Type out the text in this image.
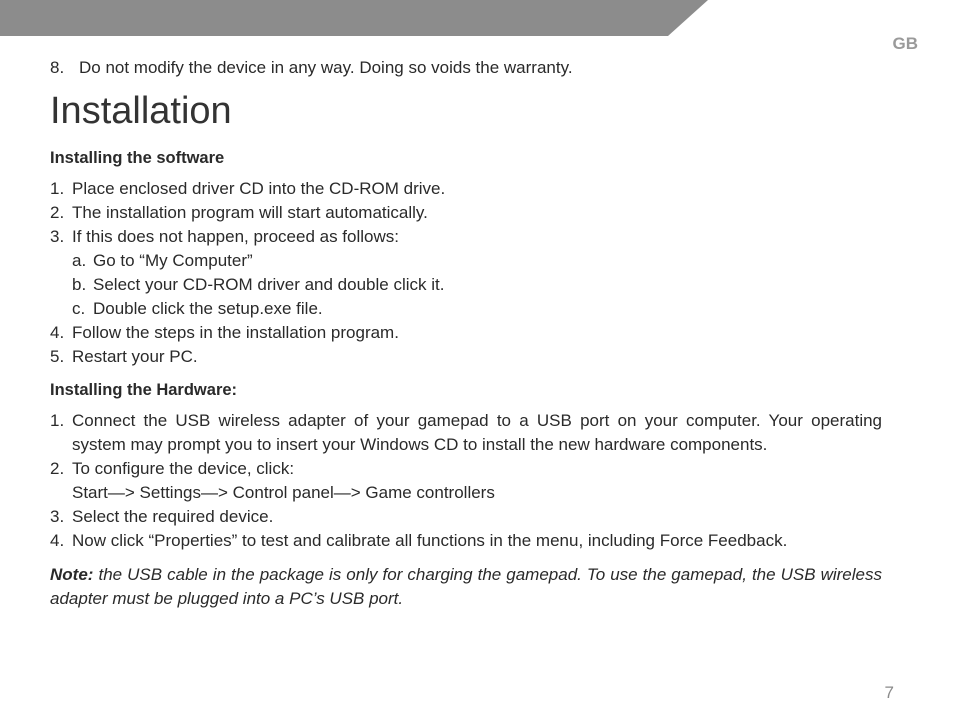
GB
8. Do not modify the device in any way. Doing so voids the warranty.
Installation
Installing the software
1. Place enclosed driver CD into the CD-ROM drive.
2. The installation program will start automatically.
3. If this does not happen, proceed as follows:
a. Go to “My Computer”
b. Select your CD-ROM driver and double click it.
c. Double click the setup.exe file.
4. Follow the steps in the installation program.
5. Restart your PC.
Installing the Hardware:
1. Connect the USB wireless adapter of your gamepad to a USB port on your computer. Your operating system may prompt you to insert your Windows CD to install the new hardware components.
2. To configure the device, click:
Start—> Settings—> Control panel—> Game controllers
3. Select the required device.
4. Now click “Properties” to test and calibrate all functions in the menu, including Force Feedback.
Note: the USB cable in the package is only for charging the gamepad. To use the gamepad, the USB wireless adapter must be plugged into a PC’s USB port.
7
